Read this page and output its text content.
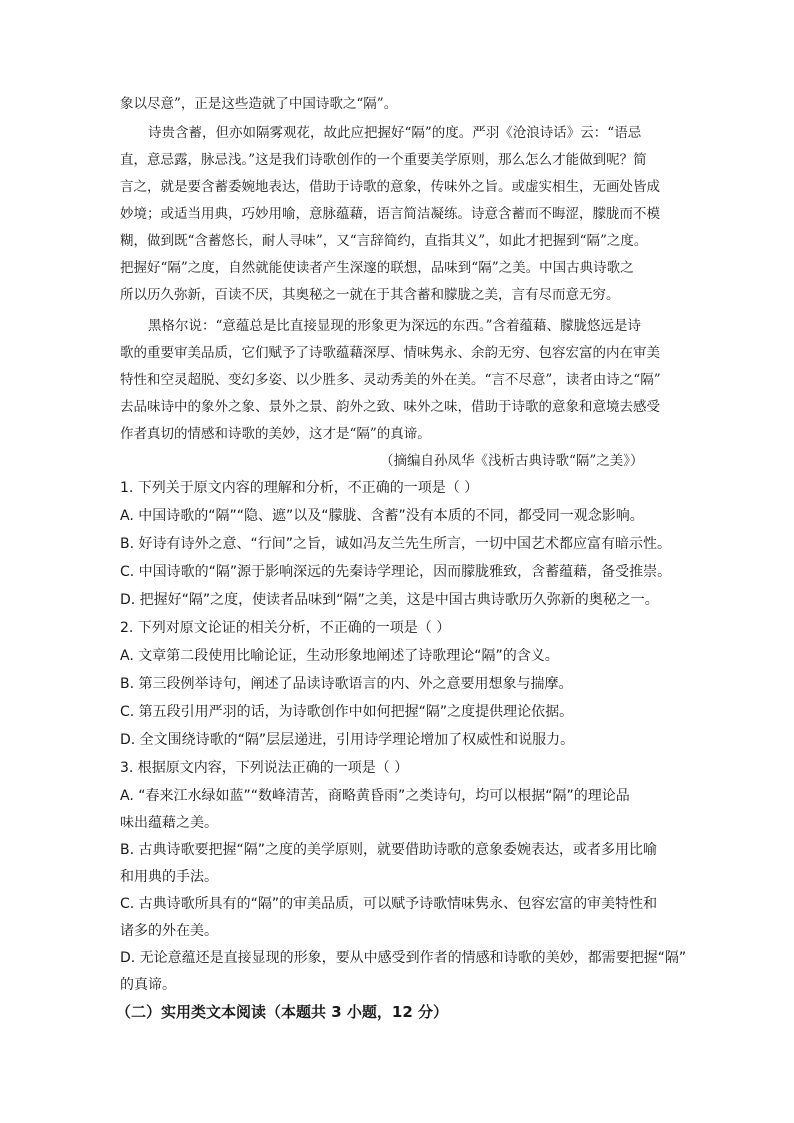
象以尽意”，正是这些造就了中国诗歌之“隔”。
诗贵含蓄，但亦如隔雾观花，故此应把握好“隔”的度。严羽《沧浪诗话》云：“语忌
直，意忌露，脉忌浅。”这是我们诗歌创作的一个重要美学原则，那么怎么才能做到呢？简
言之，就是要含蓄委婉地表达，借助于诗歌的意象，传味外之旨。或虚实相生，无画处皆成
妙境；或适当用典，巧妙用喻，意脉蕴藉，语言简洁凝练。诗意含蓄而不晦涩，朦胧而不模
糊，做到既“含蓄悠长，耐人寻味”，又“言辞简约，直指其义”，如此才把握到“隔”之度。
把握好“隔”之度，自然就能使读者产生深邃的联想，品味到“隔”之美。中国古典诗歌之
所以历久弥新，百读不厌，其奥秘之一就在于其含蓄和朦胧之美，言有尽而意无穷。
黑格尔说：“意蕴总是比直接显现的形象更为深远的东西。”含着蕴藉、朦胧悠远是诗
歌的重要审美品质，它们赋予了诗歌蕴藉深厚、情味隽永、余韵无穷、包容宏富的内在审美
特性和空灵超脱、变幻多姿、以少胜多、灵动秀美的外在美。“言不尽意”，读者由诗之“隔”
去品味诗中的象外之象、景外之景、韵外之致、味外之味，借助于诗歌的意象和意境去感受
作者真切的情感和诗歌的美妙，这才是“隔”的真谛。
（摘编自孙凤华《浅析古典诗歌“隔”之美》）
1. 下列关于原文内容的理解和分析，不正确的一项是（ ）
A. 中国诗歌的“隔”“隐、遮”以及“朦胧、含蓄”没有本质的不同，都受同一观念影响。
B. 好诗有诗外之意、“行间”之旨，诚如冯友兰先生所言，一切中国艺术都应富有暗示性。
C. 中国诗歌的“隔”源于影响深远的先秦诗学理论，因而朦胧雅致，含蓄蕴藉，备受推崇。
D. 把握好“隔”之度，使读者品味到“隔”之美，这是中国古典诗歌历久弥新的奥秘之一。
2. 下列对原文论证的相关分析，不正确的一项是（ ）
A. 文章第二段使用比喻论证，生动形象地阐述了诗歌理论“隔”的含义。
B. 第三段例举诗句，阐述了品读诗歌语言的内、外之意要用想象与揣摩。
C. 第五段引用严羽的话，为诗歌创作中如何把握“隔”之度提供理论依据。
D. 全文围绕诗歌的“隔”层层递进，引用诗学理论增加了权威性和说服力。
3. 根据原文内容，下列说法正确的一项是（ ）
A. “春来江水绿如蓝”“数峰清苦，商略黄昏雨”之类诗句，均可以根据“隔”的理论品
味出蕴藉之美。
B. 古典诗歌要把握“隔”之度的美学原则，就要借助诗歌的意象委婉表达，或者多用比喻
和用典的手法。
C. 古典诗歌所具有的“隔”的审美品质，可以赋予诗歌情味隽永、包容宏富的审美特性和
诸多的外在美。
D. 无论意蕴还是直接显现的形象，要从中感受到作者的情感和诗歌的美妙，都需要把握“隔”
的真谛。
（二）实用类文本阅读（本题共 3 小题，12 分）
